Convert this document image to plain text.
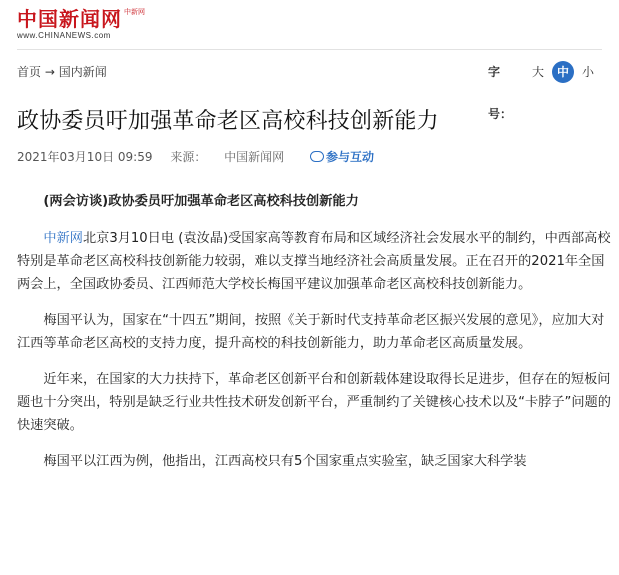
中国新闻网 中新网
www.CHINANEWS.com
首页 → 国内新闻	字
号：
大	中	小
政协委员吁加强革命老区高校科技创新能力
2021年03月10日 09:59 来源： 中国新闻网	参与互动

(两会访谈)政协委员吁加强革命老区高校科技创新能力

中新网北京3月10日电 (袁汝晶)受国家高等教育布局和区域经济社会发展水平的制约，中西部高校特别是革命老区高校科技创新能力较弱，难以支撑当地经济社会高质量发展。正在召开的2021年全国两会上，全国政协委员、江西师范大学校长梅国平建议加强革命老区高校科技创新能力。

梅国平认为，国家在“十四五”期间，按照《关于新时代支持革命老区振兴发展的意见》，应加大对江西等革命老区高校的支持力度，提升高校的科技创新能力，助力革命老区高质量发展。

近年来，在国家的大力扶持下，革命老区创新平台和创新载体建设取得长足进步，但存在的短板问题也十分突出，特别是缺乏行业共性技术研发创新平台，严重制约了关键核心技术以及“卡脖子”问题的快速突破。

梅国平以江西为例，他指出，江西高校只有5个国家重点实验室，缺乏国家大科学装
